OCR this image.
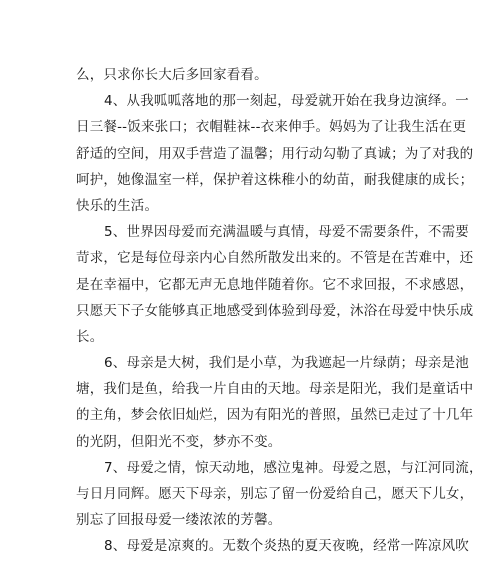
么，只求你长大后多回家看看。
4、从我呱呱落地的那一刻起，母爱就开始在我身边演绎。一
日三餐--饭来张口；衣帽鞋袜--衣来伸手。妈妈为了让我生活在更
舒适的空间，用双手营造了温馨；用行动勾勒了真诚；为了对我的
呵护，她像温室一样，保护着这株稚小的幼苗，耐我健康的成长；
快乐的生活。
5、世界因母爱而充满温暖与真情，母爱不需要条件，不需要
苛求，它是每位母亲内心自然所散发出来的。不管是在苦难中，还
是在幸福中，它都无声无息地伴随着你。它不求回报，不求感恩，
只愿天下子女能够真正地感受到体验到母爱，沐浴在母爱中快乐成
长。
6、母亲是大树，我们是小草，为我遮起一片绿荫；母亲是池
塘，我们是鱼，给我一片自由的天地。母亲是阳光，我们是童话中
的主角，梦会依旧灿烂，因为有阳光的普照，虽然已走过了十几年
的光阴，但阳光不变，梦亦不变。
7、母爱之情，惊天动地，感泣鬼神。母爱之恩，与江河同流，
与日月同辉。愿天下母亲，别忘了留一份爱给自己，愿天下儿女，
别忘了回报母爱一缕浓浓的芳馨。
8、母爱是凉爽的。无数个炎热的夏天夜晚，经常一阵凉风吹
